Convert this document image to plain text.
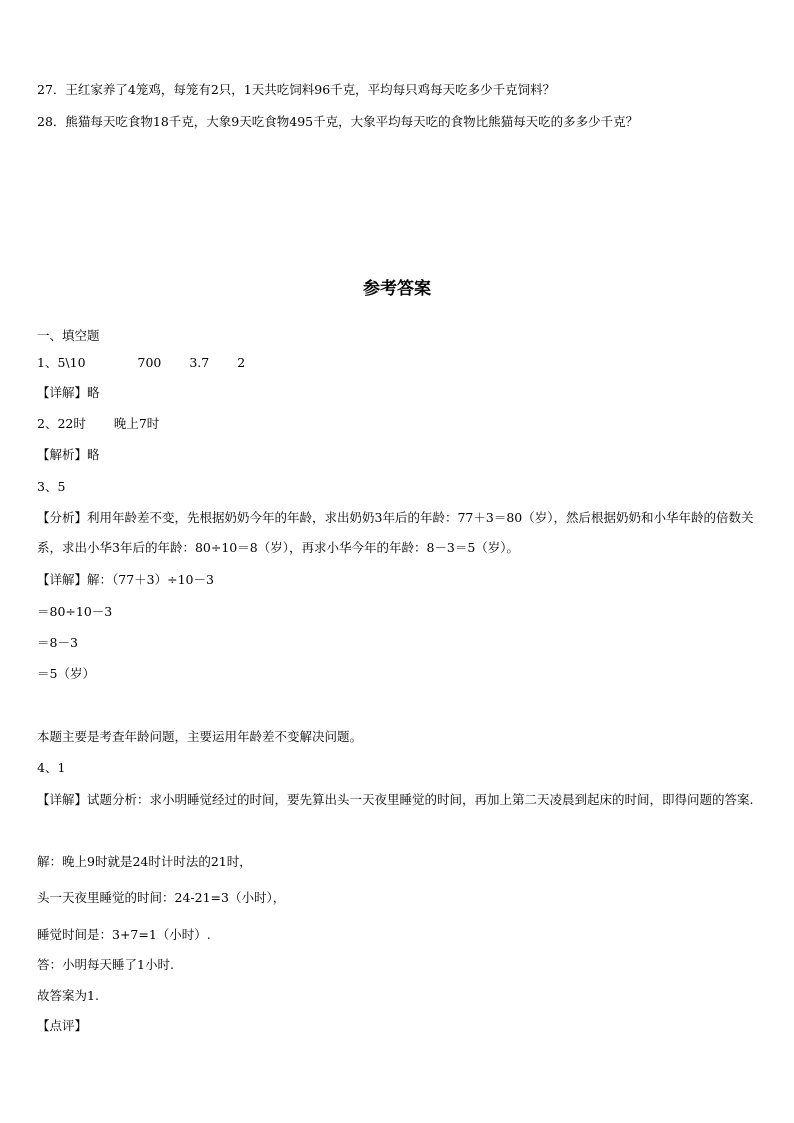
27．王红家养了4笼鸡，每笼有2只，1天共吃饲料96千克，平均每只鸡每天吃多少千克饲料？
28．熊猫每天吃食物18千克，大象9天吃食物495千克，大象平均每天吃的食物比熊猫每天吃的多多少千克？
参考答案
一、填空题
1、5\10	700 3.7 2
【详解】略
2、22时 晚上7时
【解析】略
3、5
【分析】利用年龄差不变，先根据奶奶今年的年龄，求出奶奶3年后的年龄：77＋3＝80（岁），然后根据奶奶和小华年龄的倍数关系，求出小华3年后的年龄：80÷10＝8（岁），再求小华今年的年龄：8－3＝5（岁）。
【详解】解：（77＋3）÷10－3
＝80÷10－3
＝8－3
＝5（岁）
本题主要是考查年龄问题，主要运用年龄差不变解决问题。
4、1
【详解】试题分析：求小明睡觉经过的时间，要先算出头一天夜里睡觉的时间，再加上第二天凌晨到起床的时间，即得问题的答案.
解：晚上9时就是24时计时法的21时，
头一天夜里睡觉的时间：24-21=3（小时），
睡觉时间是：3+7=1（小时）.
答：小明每天睡了1小时.
故答案为1.
【点评】
